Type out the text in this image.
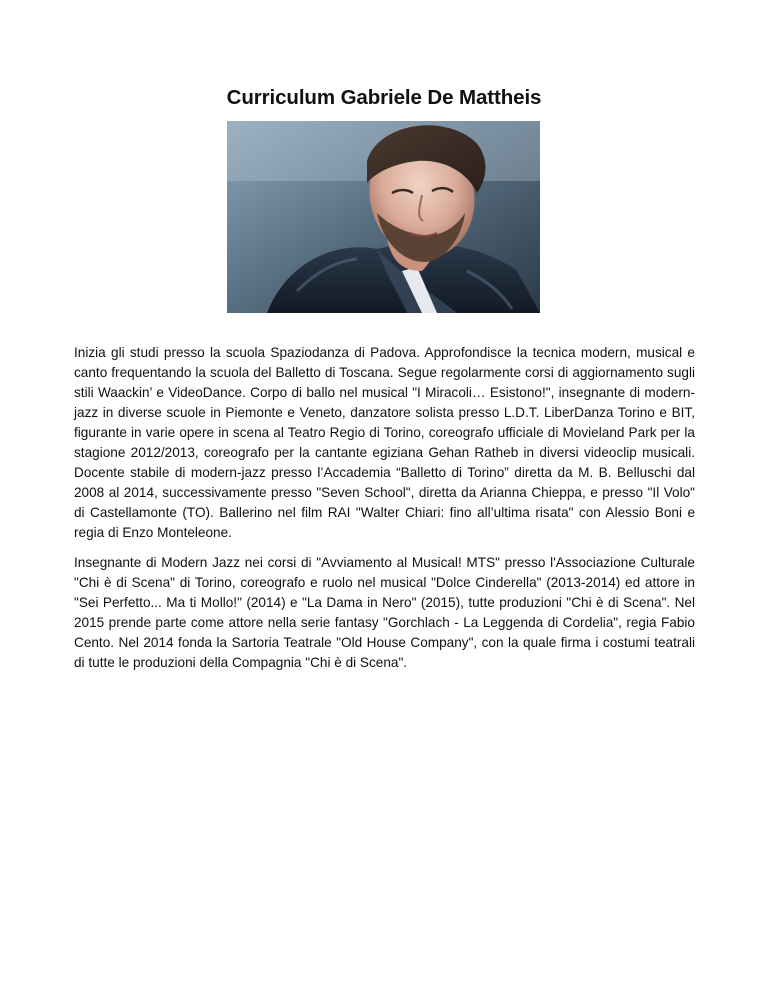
Curriculum Gabriele De Mattheis

Inizia gli studi presso la scuola Spaziodanza di Padova. Approfondisce la tecnica modern, musical e canto frequentando la scuola del Balletto di Toscana. Segue regolarmente corsi di aggiornamento sugli stili Waackin’ e VideoDance. Corpo di ballo nel musical "I Miracoli… Esistono!", insegnante di modern-jazz in diverse scuole in Piemonte e Veneto, danzatore solista presso L.D.T. LiberDanza Torino e BIT, figurante in varie opere in scena al Teatro Regio di Torino, coreografo ufficiale di Movieland Park per la stagione 2012/2013, coreografo per la cantante egiziana Gehan Ratheb in diversi videoclip musicali. Docente stabile di modern-jazz presso l’Accademia “Balletto di Torino” diretta da M. B. Belluschi dal 2008 al 2014, successivamente presso "Seven School", diretta da Arianna Chieppa, e presso "Il Volo" di Castellamonte (TO). Ballerino nel film RAI "Walter Chiari: fino all’ultima risata" con Alessio Boni e regia di Enzo Monteleone.

Insegnante di Modern Jazz nei corsi di "Avviamento al Musical! MTS" presso l'Associazione Culturale "Chi è di Scena" di Torino, coreografo e ruolo nel musical "Dolce Cinderella" (2013-2014) ed attore in "Sei Perfetto... Ma ti Mollo!" (2014) e "La Dama in Nero" (2015), tutte produzioni "Chi è di Scena". Nel 2015 prende parte come attore nella serie fantasy "Gorchlach - La Leggenda di Cordelia", regia Fabio Cento. Nel 2014 fonda la Sartoria Teatrale "Old House Company", con la quale firma i costumi teatrali di tutte le produzioni della Compagnia "Chi è di Scena".
